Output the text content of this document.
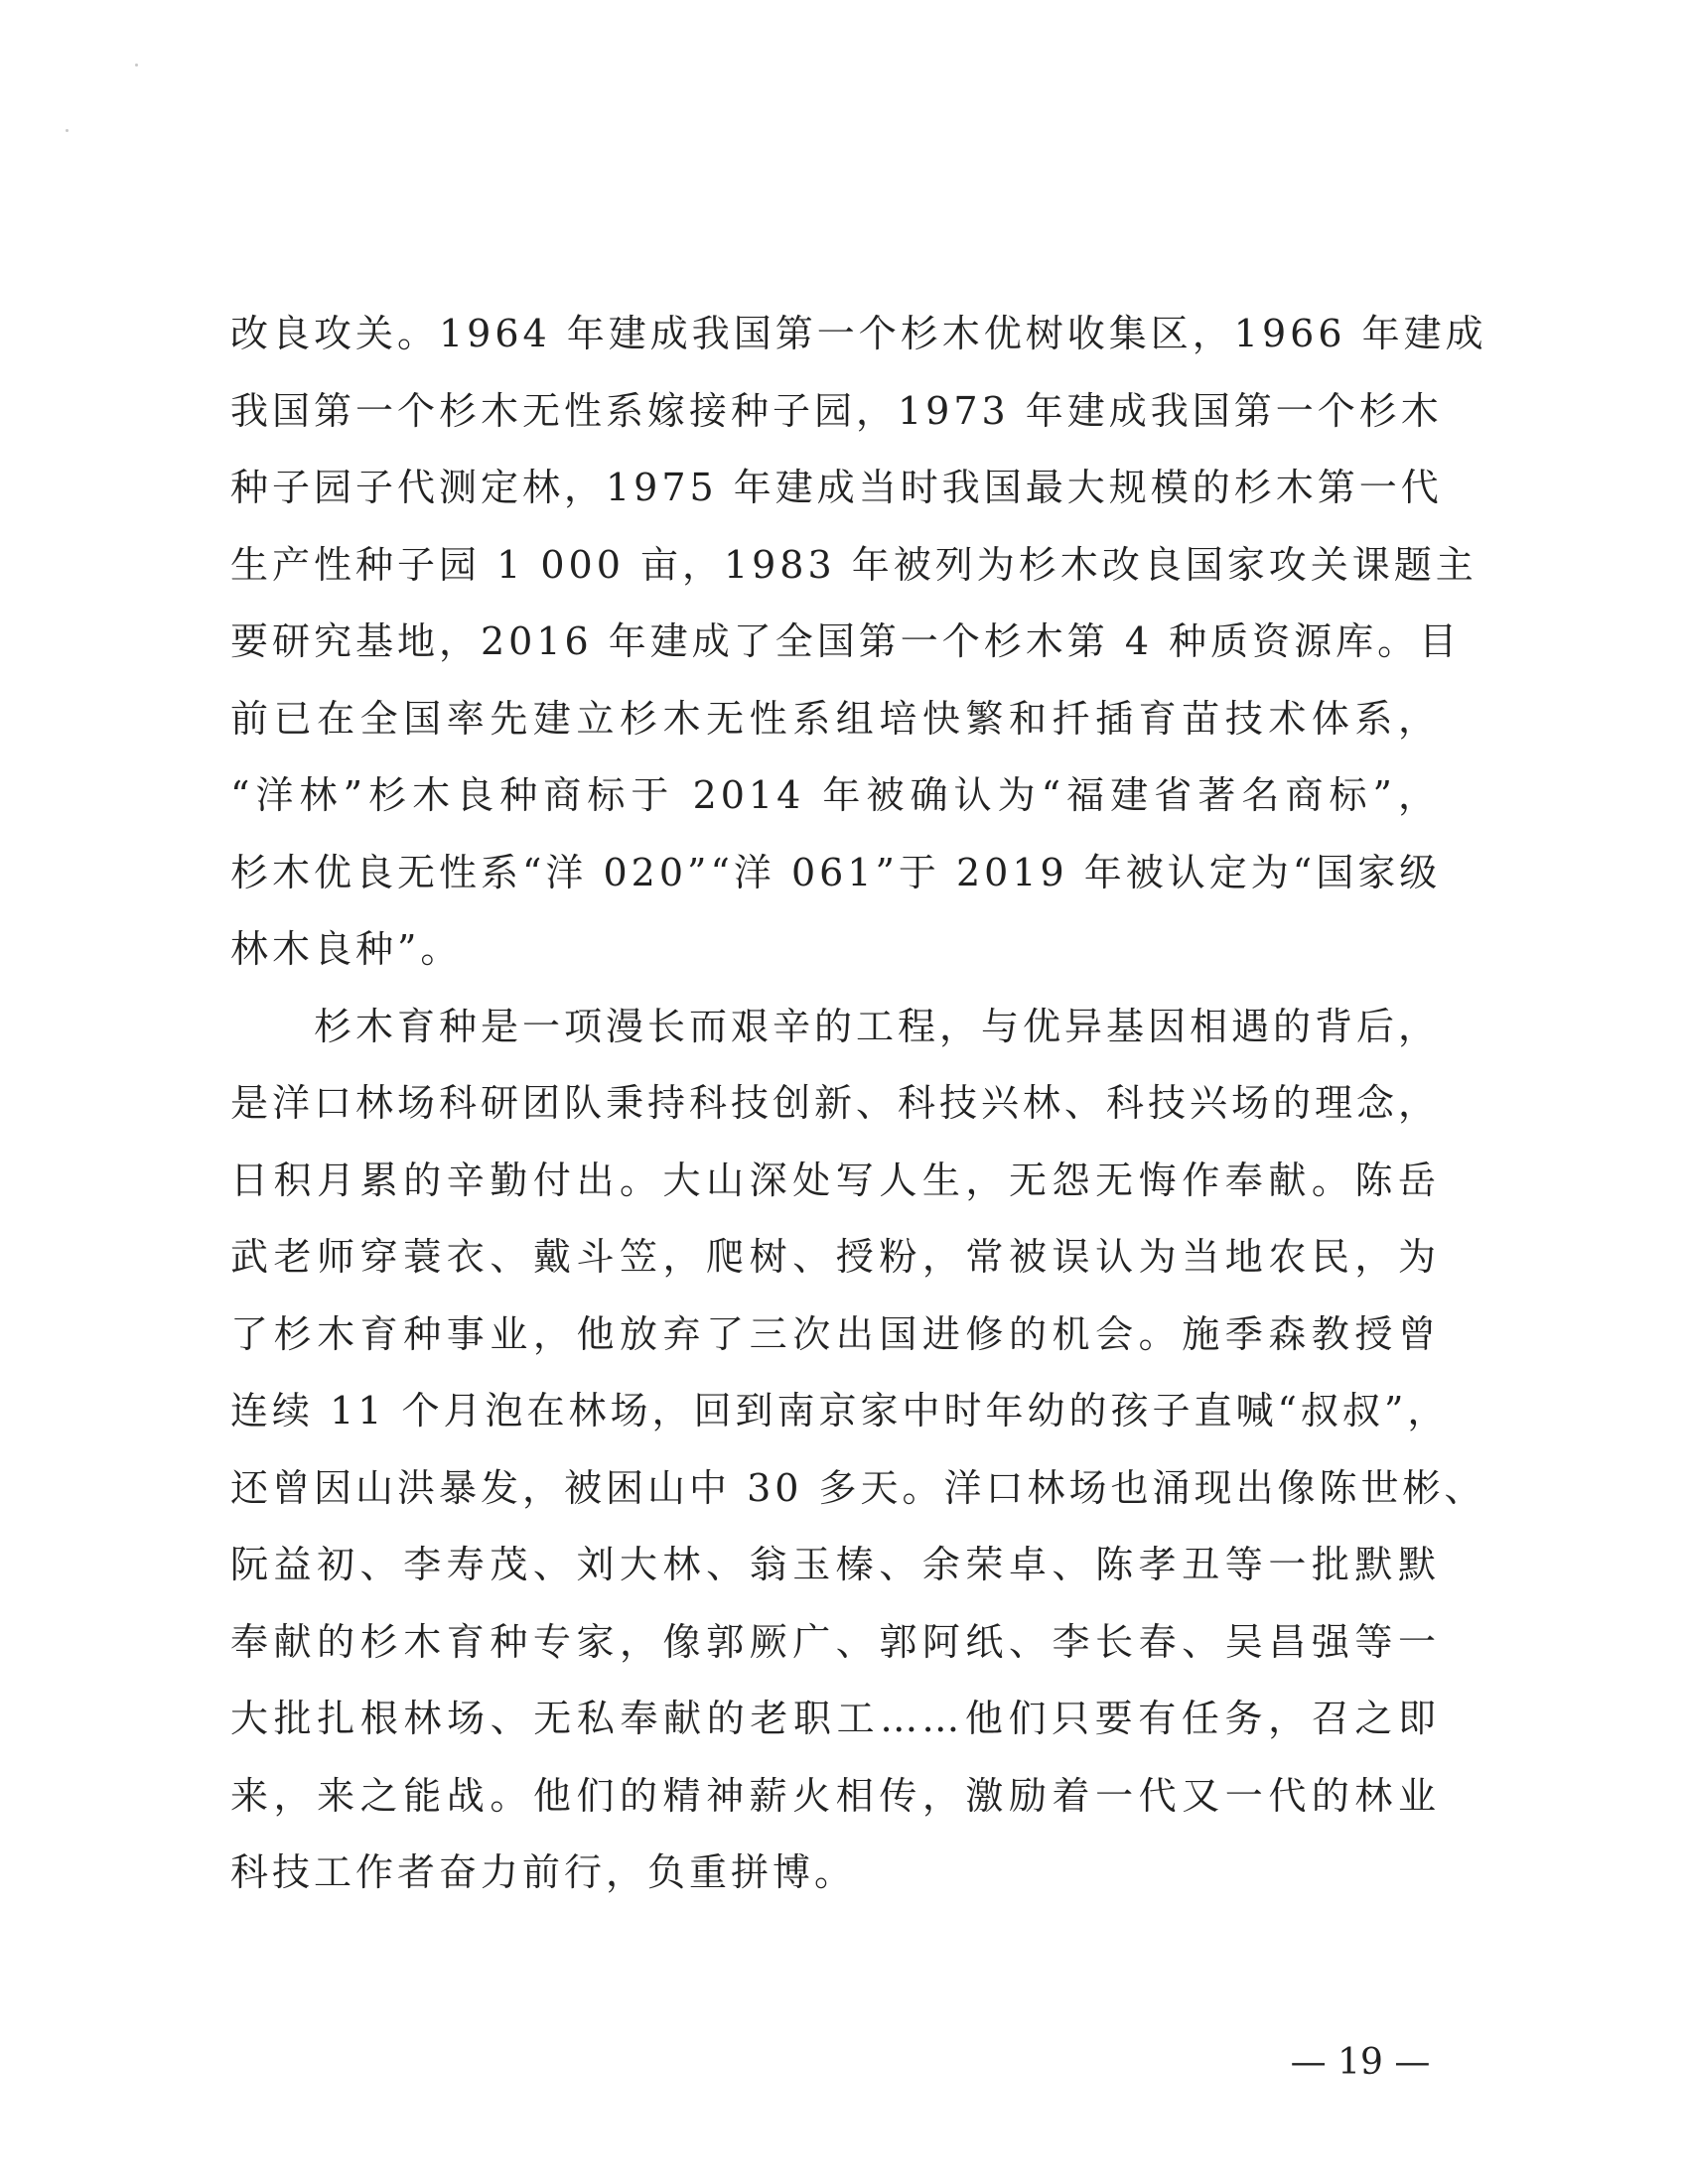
改良攻关。1964 年建成我国第一个杉木优树收集区，1966 年建成
我国第一个杉木无性系嫁接种子园，1973 年建成我国第一个杉木
种子园子代测定林，1975 年建成当时我国最大规模的杉木第一代
生产性种子园 1 000 亩，1983 年被列为杉木改良国家攻关课题主
要研究基地，2016 年建成了全国第一个杉木第 4 种质资源库。目
前已在全国率先建立杉木无性系组培快繁和扦插育苗技术体系，
“洋林”杉木良种商标于 2014 年被确认为“福建省著名商标”，
杉木优良无性系“洋 020”“洋 061”于 2019 年被认定为“国家级
林木良种”。
杉木育种是一项漫长而艰辛的工程，与优异基因相遇的背后，
是洋口林场科研团队秉持科技创新、科技兴林、科技兴场的理念，
日积月累的辛勤付出。大山深处写人生，无怨无悔作奉献。陈岳
武老师穿蓑衣、戴斗笠，爬树、授粉，常被误认为当地农民，为
了杉木育种事业，他放弃了三次出国进修的机会。施季森教授曾
连续 11 个月泡在林场，回到南京家中时年幼的孩子直喊“叔叔”，
还曾因山洪暴发，被困山中 30 多天。洋口林场也涌现出像陈世彬、
阮益初、李寿茂、刘大林、翁玉榛、余荣卓、陈孝丑等一批默默
奉献的杉木育种专家，像郭厥广、郭阿纸、李长春、吴昌强等一
大批扎根林场、无私奉献的老职工……他们只要有任务，召之即
来，来之能战。他们的精神薪火相传，激励着一代又一代的林业
科技工作者奋力前行，负重拼博。
— 19 —
